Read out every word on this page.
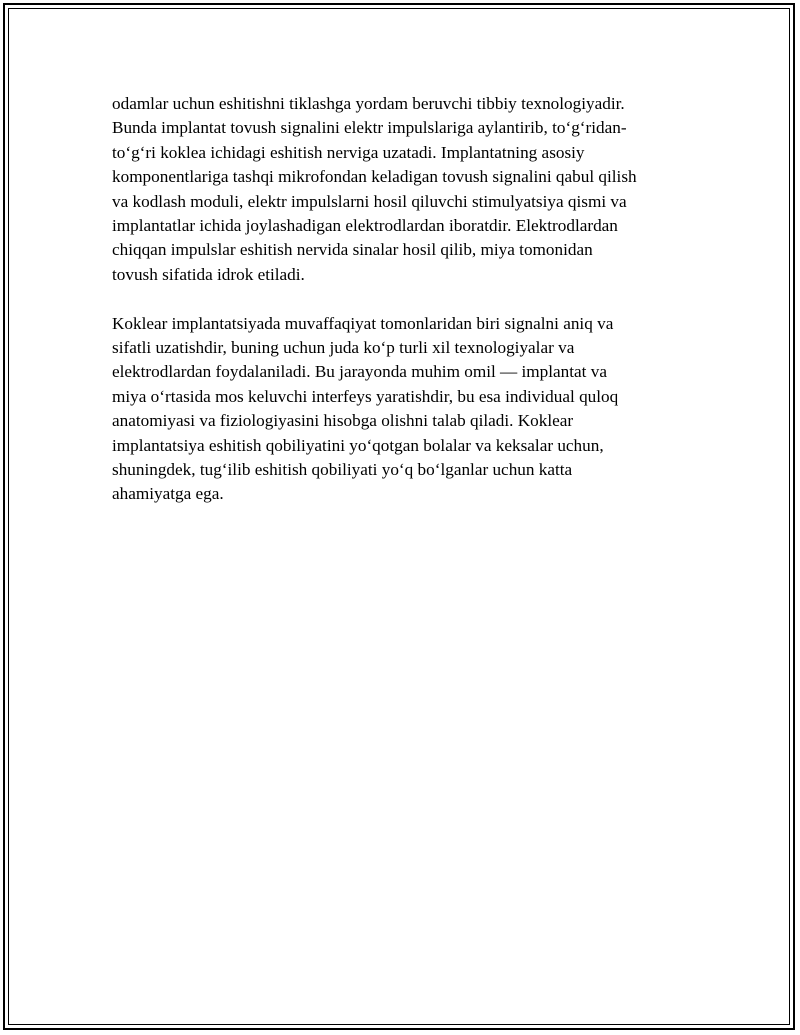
odamlar uchun eshitishni tiklashga yordam beruvchi tibbiy texnologiyadir.
Bunda implantat tovush signalini elektr impulslariga aylantirib, to‘g‘ridan-
to‘g‘ri koklea ichidagi eshitish nerviga uzatadi. Implantatning asosiy
komponentlariga tashqi mikrofondan keladigan tovush signalini qabul qilish
va kodlash moduli, elektr impulslarni hosil qiluvchi stimulyatsiya qismi va
implantatlar ichida joylashadigan elektrodlardan iboratdir. Elektrodlardan
chiqqan impulslar eshitish nervida sinalar hosil qilib, miya tomonidan
tovush sifatida idrok etiladi.

Koklear implantatsiyada muvaffaqiyat tomonlaridan biri signalni aniq va
sifatli uzatishdir, buning uchun juda ko‘p turli xil texnologiyalar va
elektrodlardan foydalaniladi. Bu jarayonda muhim omil — implantat va
miya o‘rtasida mos keluvchi interfeys yaratishdir, bu esa individual quloq
anatomiyasi va fiziologiyasini hisobga olishni talab qiladi. Koklear
implantatsiya eshitish qobiliyatini yo‘qotgan bolalar va keksalar uchun,
shuningdek, tug‘ilib eshitish qobiliyati yo‘q bo‘lganlar uchun katta
ahamiyatga ega.
